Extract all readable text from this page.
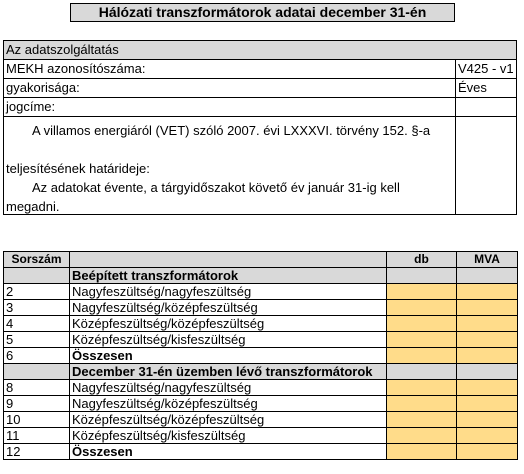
Hálózati transzformátorok adatai december 31-én
Az adatszolgáltatás
MEKH azonosítószáma:	V425 - v1
gyakorisága:	Éves
jogcíme:
A villamos energiáról (VET) szóló 2007. évi LXXXVI. törvény 152. §-a
teljesítésének határideje:
Az adatokat évente, a tárgyidőszakot követő év január 31-ig kell
megadni.
Sorszám		db	MVA
	Beépített transzformátorok		
2	Nagyfeszültség/nagyfeszültség		
3	Nagyfeszültség/középfeszültség		
4	Középfeszültség/középfeszültség		
5	Középfeszültség/kisfeszültség		
6	Összesen		
	December 31-én üzemben lévő transzformátorok		
8	Nagyfeszültség/nagyfeszültség		
9	Nagyfeszültség/középfeszültség		
10	Középfeszültség/középfeszültség		
11	Középfeszültség/kisfeszültség		
12	Összesen		
